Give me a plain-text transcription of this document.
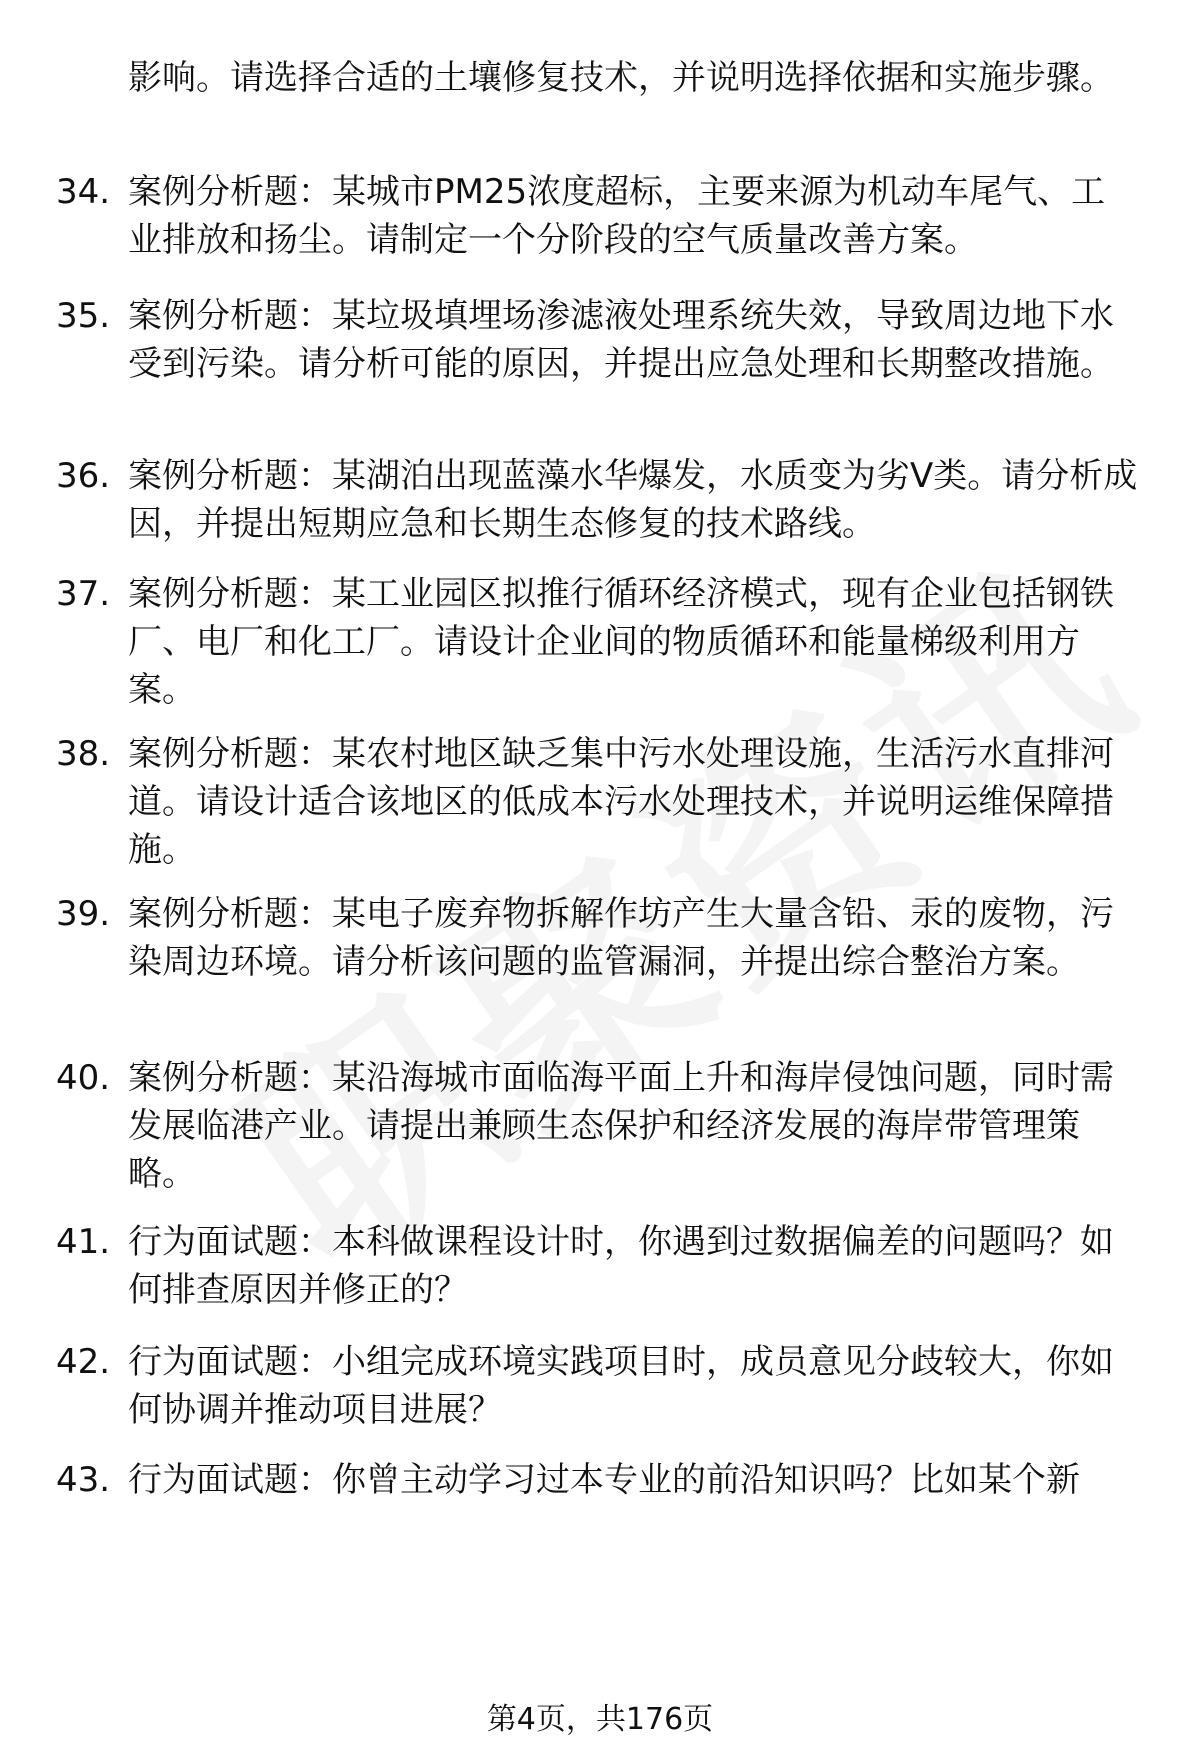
影响。请选择合适的土壤修复技术，并说明选择依据和实施步骤。
34. 案例分析题：某城市PM25浓度超标，主要来源为机动车尾气、工业排放和扬尘。请制定一个分阶段的空气质量改善方案。
35. 案例分析题：某垃圾填埋场渗滤液处理系统失效，导致周边地下水受到污染。请分析可能的原因，并提出应急处理和长期整改措施。
36. 案例分析题：某湖泊出现蓝藻水华爆发，水质变为劣V类。请分析成因，并提出短期应急和长期生态修复的技术路线。
37. 案例分析题：某工业园区拟推行循环经济模式，现有企业包括钢铁厂、电厂和化工厂。请设计企业间的物质循环和能量梯级利用方案。
38. 案例分析题：某农村地区缺乏集中污水处理设施，生活污水直排河道。请设计适合该地区的低成本污水处理技术，并说明运维保障措施。
39. 案例分析题：某电子废弃物拆解作坊产生大量含铅、汞的废物，污染周边环境。请分析该问题的监管漏洞，并提出综合整治方案。
40. 案例分析题：某沿海城市面临海平面上升和海岸侵蚀问题，同时需发展临港产业。请提出兼顾生态保护和经济发展的海岸带管理策略。
41. 行为面试题：本科做课程设计时，你遇到过数据偏差的问题吗？如何排查原因并修正的？
42. 行为面试题：小组完成环境实践项目时，成员意见分歧较大，你如何协调并推动项目进展？
43. 行为面试题：你曾主动学习过本专业的前沿知识吗？比如某个新
第4页，共176页
